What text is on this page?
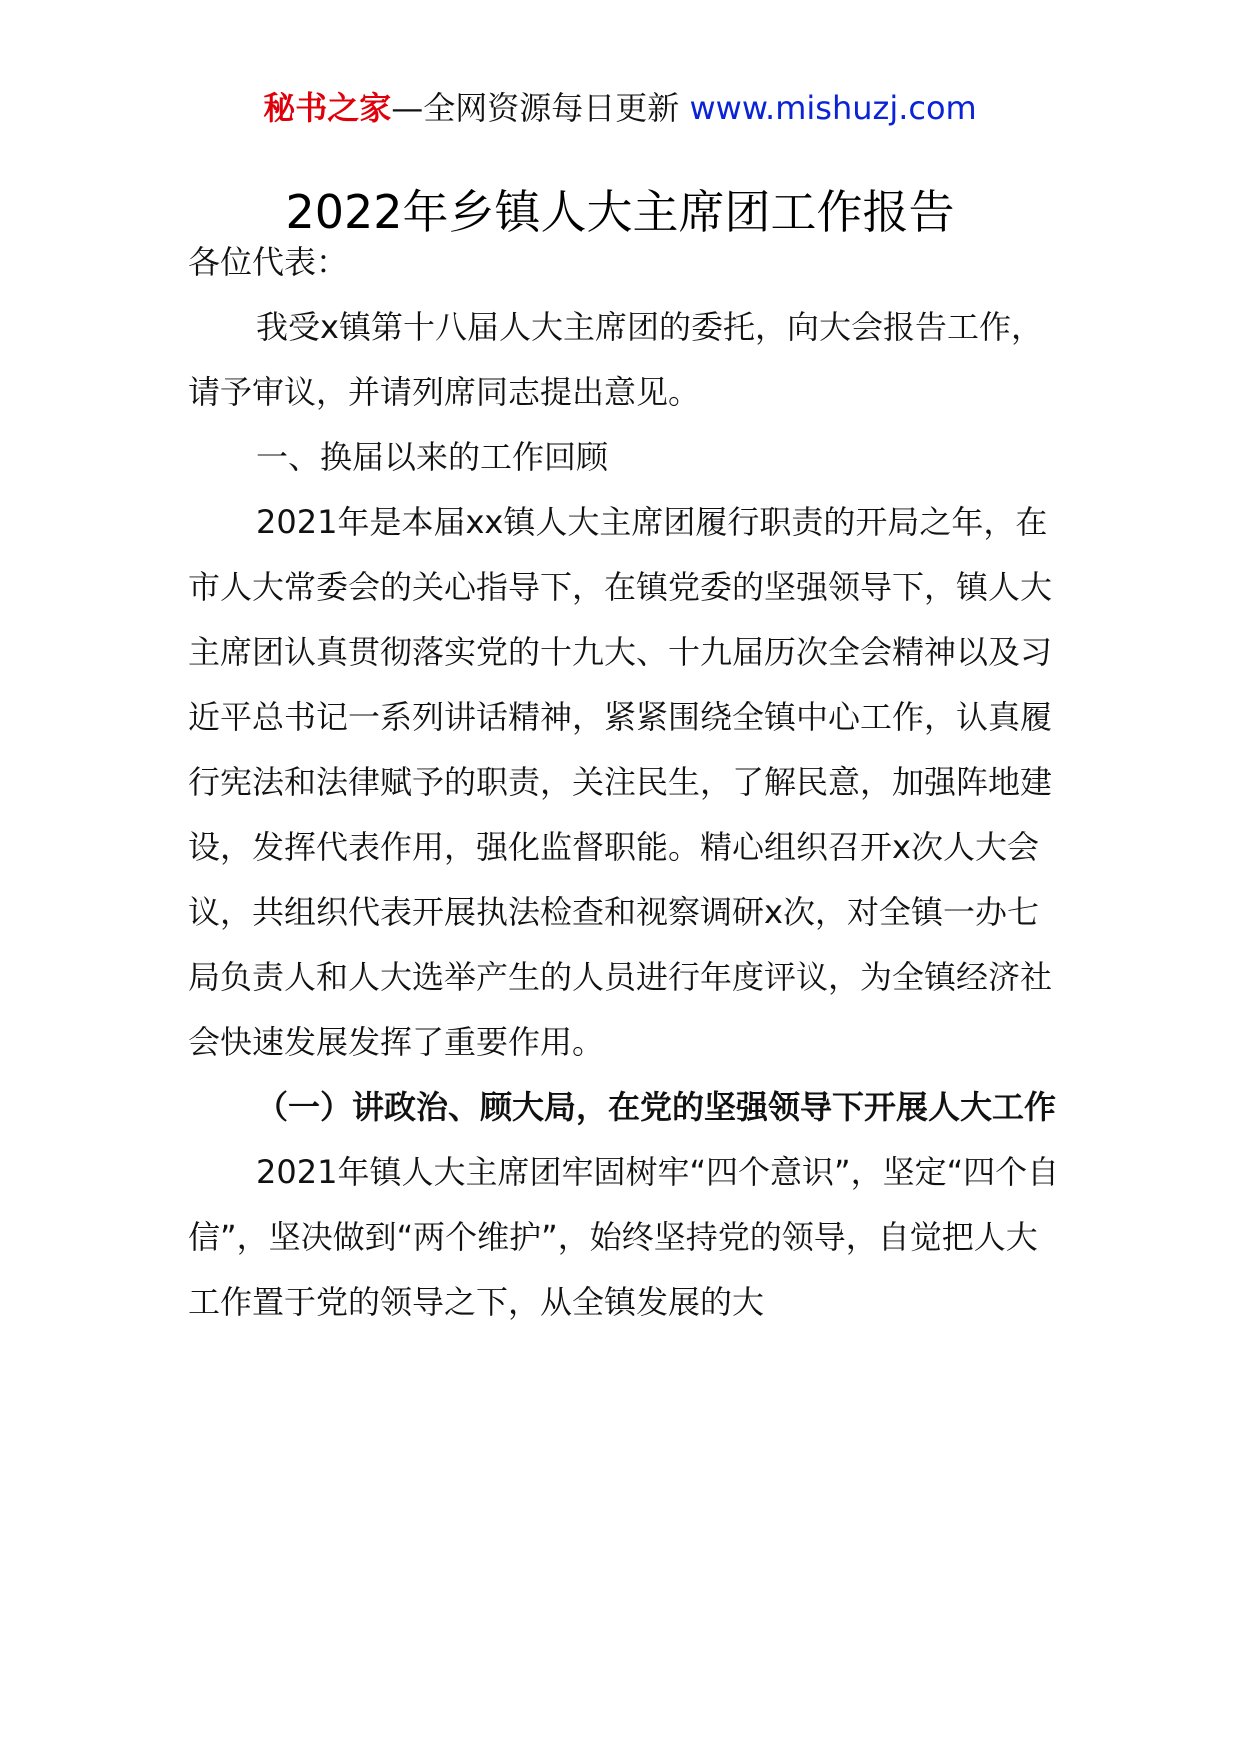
秘书之家—全网资源每日更新 www.mishuzj.com
2022年乡镇人大主席团工作报告

各位代表：

我受x镇第十八届人大主席团的委托，向大会报告工作，请予审议，并请列席同志提出意见。

一、换届以来的工作回顾

2021年是本届xx镇人大主席团履行职责的开局之年，在市人大常委会的关心指导下，在镇党委的坚强领导下，镇人大主席团认真贯彻落实党的十九大、十九届历次全会精神以及习近平总书记一系列讲话精神，紧紧围绕全镇中心工作，认真履行宪法和法律赋予的职责，关注民生，了解民意，加强阵地建设，发挥代表作用，强化监督职能。精心组织召开x次人大会议，共组织代表开展执法检查和视察调研x次，对全镇一办七局负责人和人大选举产生的人员进行年度评议，为全镇经济社会快速发展发挥了重要作用。

（一）讲政治、顾大局，在党的坚强领导下开展人大工作

2021年镇人大主席团牢固树牢“四个意识”，坚定“四个自信”，坚决做到“两个维护”，始终坚持党的领导，自觉把人大工作置于党的领导之下，从全镇发展的大
